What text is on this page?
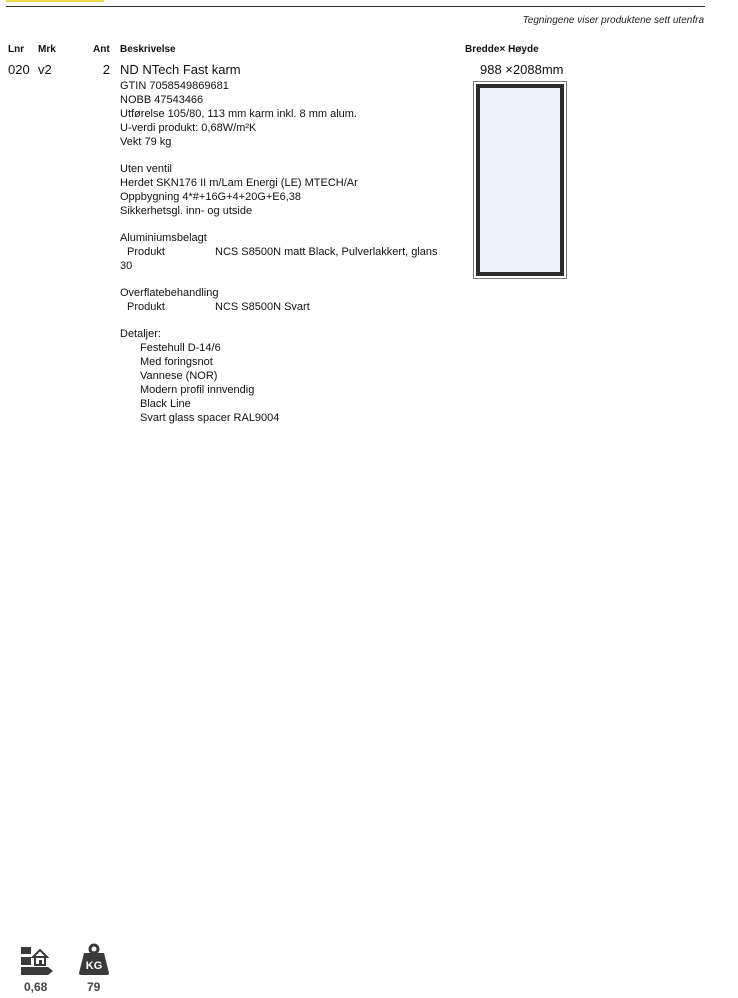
Tegningene viser produktene sett utenfra
Lnr Mrk	Ant Beskrivelse	Bredde× Høyde
020 v2	2 ND NTech Fast karm	988 ×2088mm
GTIN 7058549869681
NOBB 47543466
Utførelse 105/80, 113 mm karm inkl. 8 mm alum.
U-verdi produkt: 0,68W/m²K
Vekt 79 kg
Uten ventil
Herdet SKN176 II m/Lam Energi (LE) MTECH/Ar
Oppbygning 4*#+16G+4+20G+E6,38
Sikkerhetsgl. inn- og utside
Aluminiumsbelagt
Produkt	NCS S8500N matt Black, Pulverlakkert, glans
30
Overflatebehandling
Produkt	NCS S8500N Svart
Detaljer:
Festehull D-14/6
Med foringsnot
Vannese (NOR)
Modern profil innvendig
Black Line
Svart glass spacer RAL9004
KG
0,68	79
